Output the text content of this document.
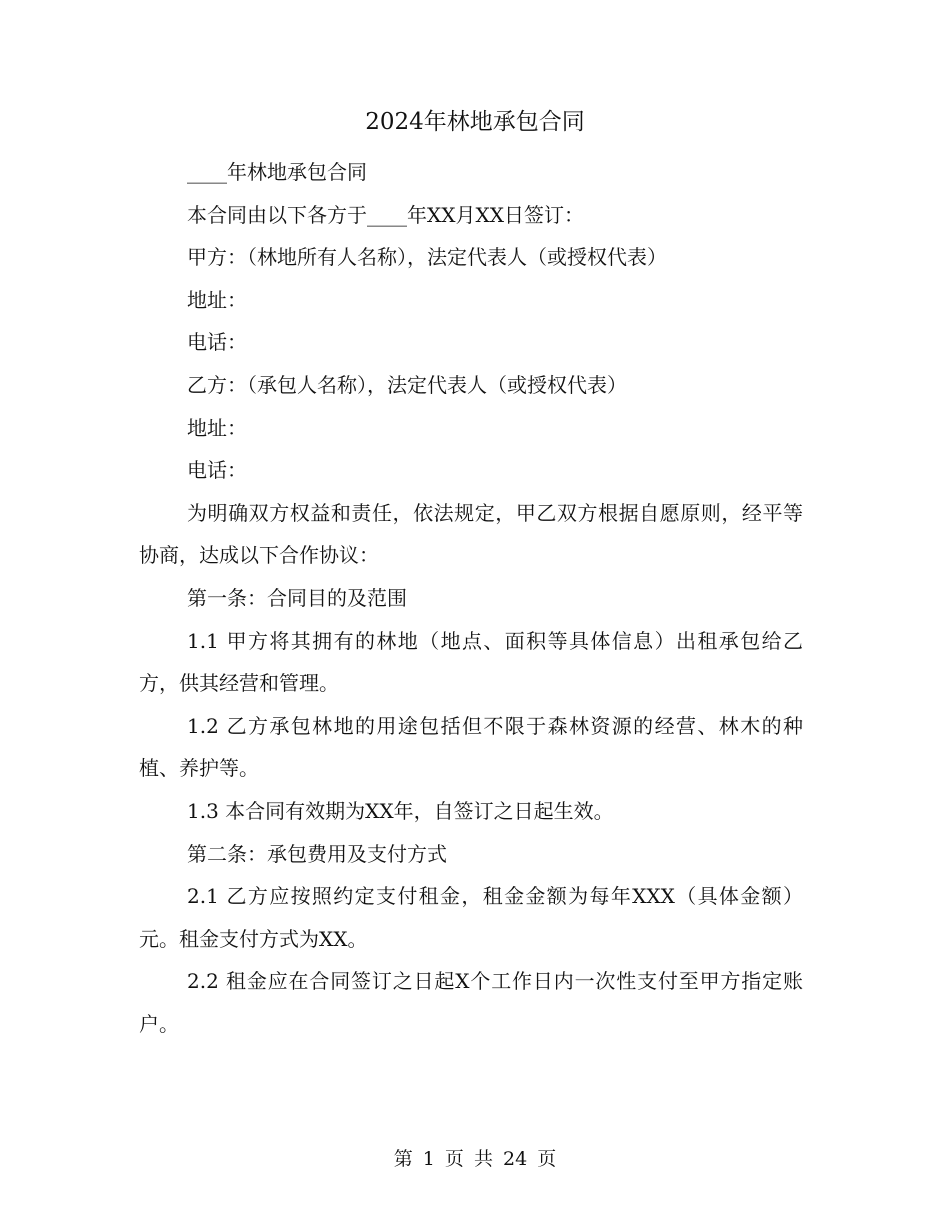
2024年林地承包合同

____年林地承包合同

本合同由以下各方于____年XX月XX日签订：

甲方：（林地所有人名称），法定代表人（或授权代表）

地址：

电话：

乙方：（承包人名称），法定代表人（或授权代表）

地址：

电话：

为明确双方权益和责任，依法规定，甲乙双方根据自愿原则，经平等协商，达成以下合作协议：

第一条：合同目的及范围

1.1 甲方将其拥有的林地（地点、面积等具体信息）出租承包给乙方，供其经营和管理。

1.2 乙方承包林地的用途包括但不限于森林资源的经营、林木的种植、养护等。

1.3 本合同有效期为XX年，自签订之日起生效。

第二条：承包费用及支付方式

2.1 乙方应按照约定支付租金，租金金额为每年XXX（具体金额）元。租金支付方式为XX。

2.2 租金应在合同签订之日起X个工作日内一次性支付至甲方指定账户。

第 1 页 共 24 页
